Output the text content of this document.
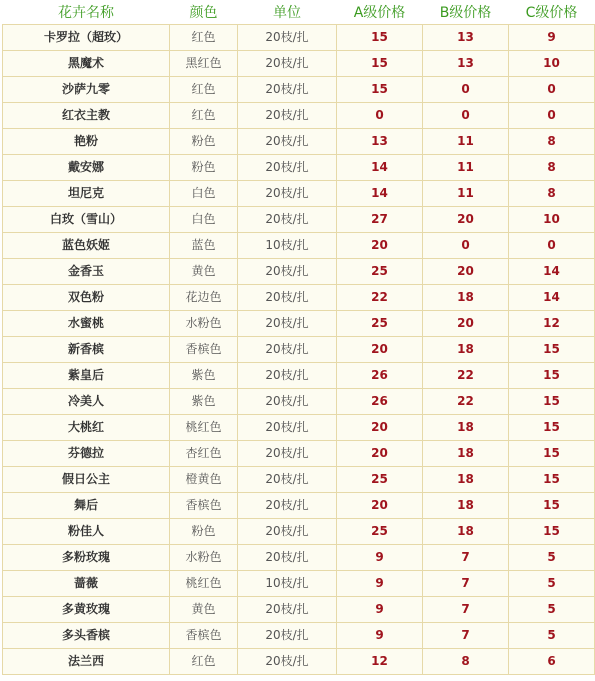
花卉名称	颜色	单位	A级价格	B级价格	C级价格
卡罗拉（超玫）	红色	20枝/扎	15	13	9
黑魔术	黑红色	20枝/扎	15	13	10
沙萨九零	红色	20枝/扎	15	0	0
红衣主教	红色	20枝/扎	0	0	0
艳粉	粉色	20枝/扎	13	11	8
戴安娜	粉色	20枝/扎	14	11	8
坦尼克	白色	20枝/扎	14	11	8
白玫（雪山）	白色	20枝/扎	27	20	10
蓝色妖姬	蓝色	10枝/扎	20	0	0
金香玉	黄色	20枝/扎	25	20	14
双色粉	花边色	20枝/扎	22	18	14
水蜜桃	水粉色	20枝/扎	25	20	12
新香槟	香槟色	20枝/扎	20	18	15
紫皇后	紫色	20枝/扎	26	22	15
冷美人	紫色	20枝/扎	26	22	15
大桃红	桃红色	20枝/扎	20	18	15
芬德拉	杏红色	20枝/扎	20	18	15
假日公主	橙黄色	20枝/扎	25	18	15
舞后	香槟色	20枝/扎	20	18	15
粉佳人	粉色	20枝/扎	25	18	15
多粉玫瑰	水粉色	20枝/扎	9	7	5
蔷薇	桃红色	10枝/扎	9	7	5
多黄玫瑰	黄色	20枝/扎	9	7	5
多头香槟	香槟色	20枝/扎	9	7	5
法兰西	红色	20枝/扎	12	8	6
